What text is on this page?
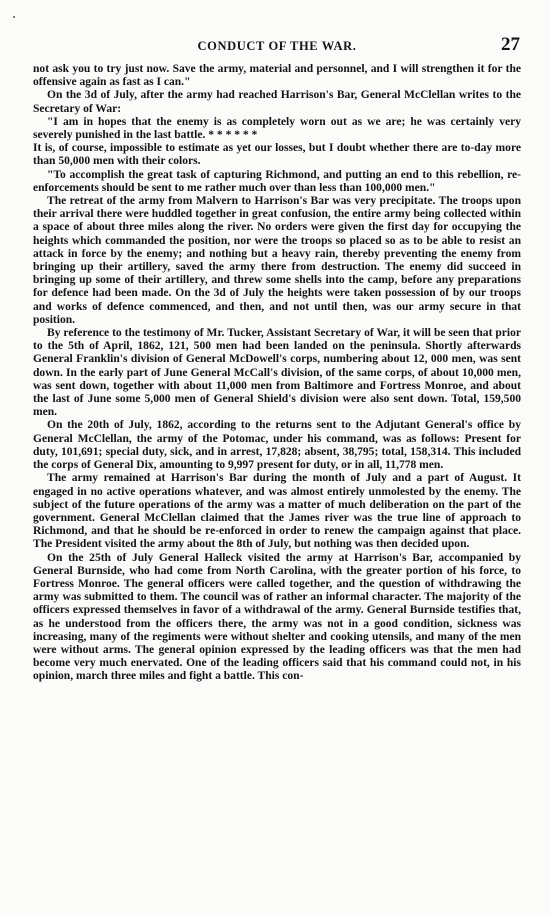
CONDUCT OF THE WAR.	27

not ask you to try just now. Save the army, material and personnel, and I will strengthen it for the offensive again as fast as I can."

On the 3d of July, after the army had reached Harrison's Bar, General McClellan writes to the Secretary of War:

"I am in hopes that the enemy is as completely worn out as we are; he was certainly very severely punished in the last battle. * * * * * *

It is, of course, impossible to estimate as yet our losses, but I doubt whether there are to-day more than 50,000 men with their colors.

"To accomplish the great task of capturing Richmond, and putting an end to this rebellion, re-enforcements should be sent to me rather much over than less than 100,000 men."

The retreat of the army from Malvern to Harrison's Bar was very precipitate. The troops upon their arrival there were huddled together in great confusion, the entire army being collected within a space of about three miles along the river. No orders were given the first day for occupying the heights which commanded the position, nor were the troops so placed so as to be able to resist an attack in force by the enemy; and nothing but a heavy rain, thereby preventing the enemy from bringing up their artillery, saved the army there from destruction. The enemy did succeed in bringing up some of their artillery, and threw some shells into the camp, before any preparations for defence had been made. On the 3d of July the heights were taken possession of by our troops and works of defence commenced, and then, and not until then, was our army secure in that position.

By reference to the testimony of Mr. Tucker, Assistant Secretary of War, it will be seen that prior to the 5th of April, 1862, 121, 500 men had been landed on the peninsula. Shortly afterwards General Franklin's division of General McDowell's corps, numbering about 12, 000 men, was sent down. In the early part of June General McCall's division, of the same corps, of about 10,000 men, was sent down, together with about 11,000 men from Baltimore and Fortress Monroe, and about the last of June some 5,000 men of General Shield's division were also sent down. Total, 159,500 men.

On the 20th of July, 1862, according to the returns sent to the Adjutant General's office by General McClellan, the army of the Potomac, under his command, was as follows: Present for duty, 101,691; special duty, sick, and in arrest, 17,828; absent, 38,795; total, 158,314. This included the corps of General Dix, amounting to 9,997 present for duty, or in all, 11,778 men.

The army remained at Harrison's Bar during the month of July and a part of August. It engaged in no active operations whatever, and was almost entirely unmolested by the enemy. The subject of the future operations of the army was a matter of much deliberation on the part of the government. General McClellan claimed that the James river was the true line of approach to Richmond, and that he should be re-enforced in order to renew the campaign against that place. The President visited the army about the 8th of July, but nothing was then decided upon.

On the 25th of July General Halleck visited the army at Harrison's Bar, accompanied by General Burnside, who had come from North Carolina, with the greater portion of his force, to Fortress Monroe. The general officers were called together, and the question of withdrawing the army was submitted to them. The council was of rather an informal character. The majority of the officers expressed themselves in favor of a withdrawal of the army. General Burnside testifies that, as he understood from the officers there, the army was not in a good condition, sickness was increasing, many of the regiments were without shelter and cooking utensils, and many of the men were without arms. The general opinion expressed by the leading officers was that the men had become very much enervated. One of the leading officers said that his command could not, in his opinion, march three miles and fight a battle. This con-
